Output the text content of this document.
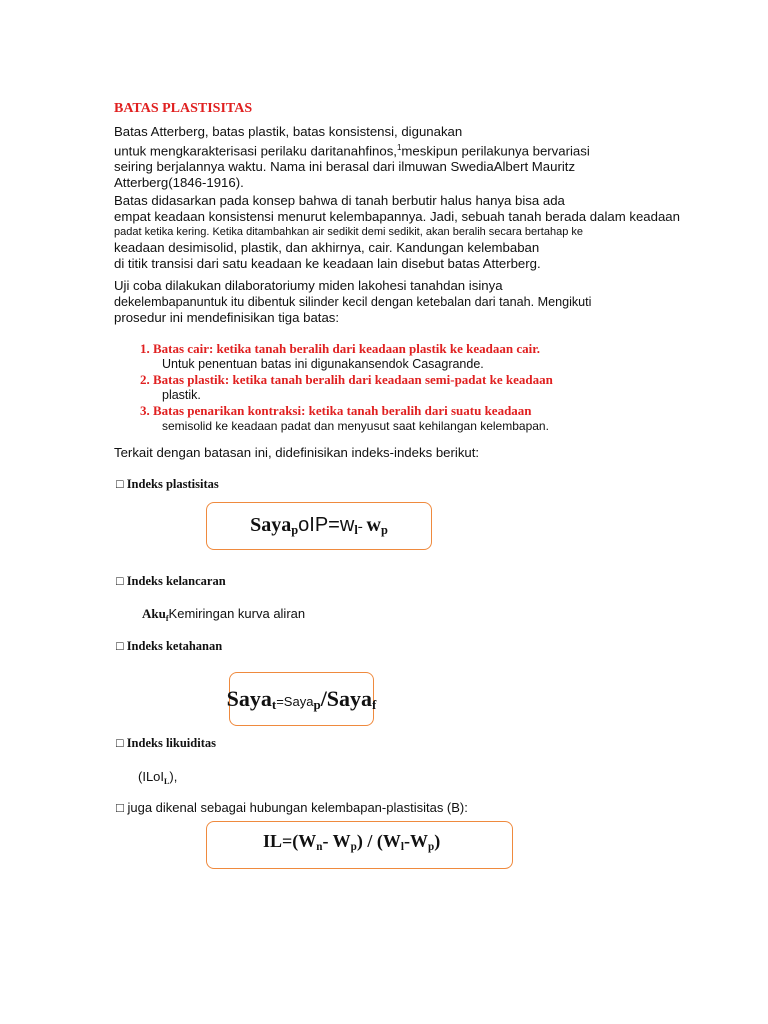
BATAS PLASTISITAS
Batas Atterberg, batas plastik, batas konsistensi, digunakan
untuk mengkarakterisasi perilaku daritanahfinos,$^1$meskipun perilakunya bervariasi
seiring berjalannya waktu. Nama ini berasal dari ilmuwan SwediaAlbert Mauritz
Atterberg(1846-1916).
Batas didasarkan pada konsep bahwa di tanah berbutir halus hanya bisa ada
empat keadaan konsistensi menurut kelembapannya. Jadi, sebuah tanah berada dalam keadaan
padat ketika kering. Ketika ditambahkan air sedikit demi sedikit, akan beralih secara bertahap ke
keadaan desimisolid, plastik, dan akhirnya, cair. Kandungan kelembaban
di titik transisi dari satu keadaan ke keadaan lain disebut batas Atterberg.
Uji coba dilakukan dilaboratoriumy miden lakohesi tanahdan isinya
dekelembapanuntuk itu dibentuk silinder kecil dengan ketebalan dari tanah. Mengikuti
prosedur ini mendefinisikan tiga batas:
1. Batas cair: ketika tanah beralih dari keadaan plastik ke keadaan cair.
Untuk penentuan batas ini digunakansendok Casagrande.
2. Batas plastik: ketika tanah beralih dari keadaan semi-padat ke keadaan
plastik.
3. Batas penarikan kontraksi: ketika tanah beralih dari suatu keadaan
semisolid ke keadaan padat dan menyusut saat kehilangan kelembapan.
Terkait dengan batasan ini, didefinisikan indeks-indeks berikut:
□ Indeks plastisitas
$Saya_poIP=w_l-$ $w_p$
□ Indeks kelancaran
Aku$_f$Kemiringan kurva aliran
□ Indeks ketahanan
Saya$_t$=Saya$_p$/Saya$_f$
□ Indeks likuiditas
(ILoI$_L$),
□ juga dikenal sebagai hubungan kelembapan-plastisitas (B):
$IL=(W_n-$ $W_p) / (W_l-W_p)$
